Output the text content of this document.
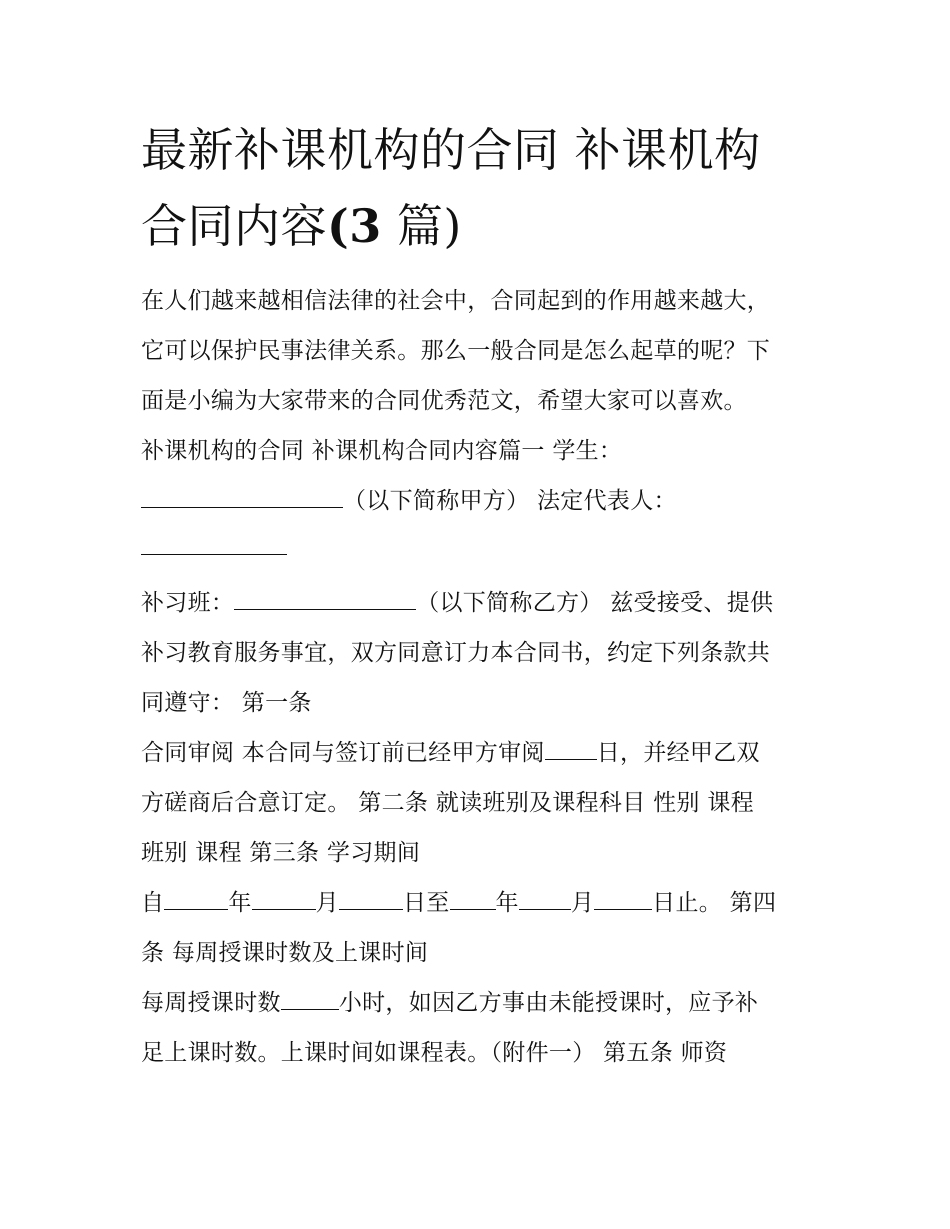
最新补课机构的合同 补课机构
合同内容(3 篇)
在人们越来越相信法律的社会中，合同起到的作用越来越大，
它可以保护民事法律关系。那么一般合同是怎么起草的呢？下
面是小编为大家带来的合同优秀范文，希望大家可以喜欢。
补课机构的合同 补课机构合同内容篇一 学生：
（以下简称甲方） 法定代表人：
补习班：	（以下简称乙方） 兹受接受、提供
补习教育服务事宜，双方同意订力本合同书，约定下列条款共
同遵守： 第一条
合同审阅 本合同与签订前已经甲方审阅 日，并经甲乙双
方磋商后合意订定。 第二条 就读班别及课程科目 性别 课程
班别 课程 第三条 学习期间
自	年	月	日至 年 月	日止。 第四
条 每周授课时数及上课时间
每周授课时数	小时，如因乙方事由未能授课时，应予补
足上课时数。上课时间如课程表。（附件一） 第五条 师资
